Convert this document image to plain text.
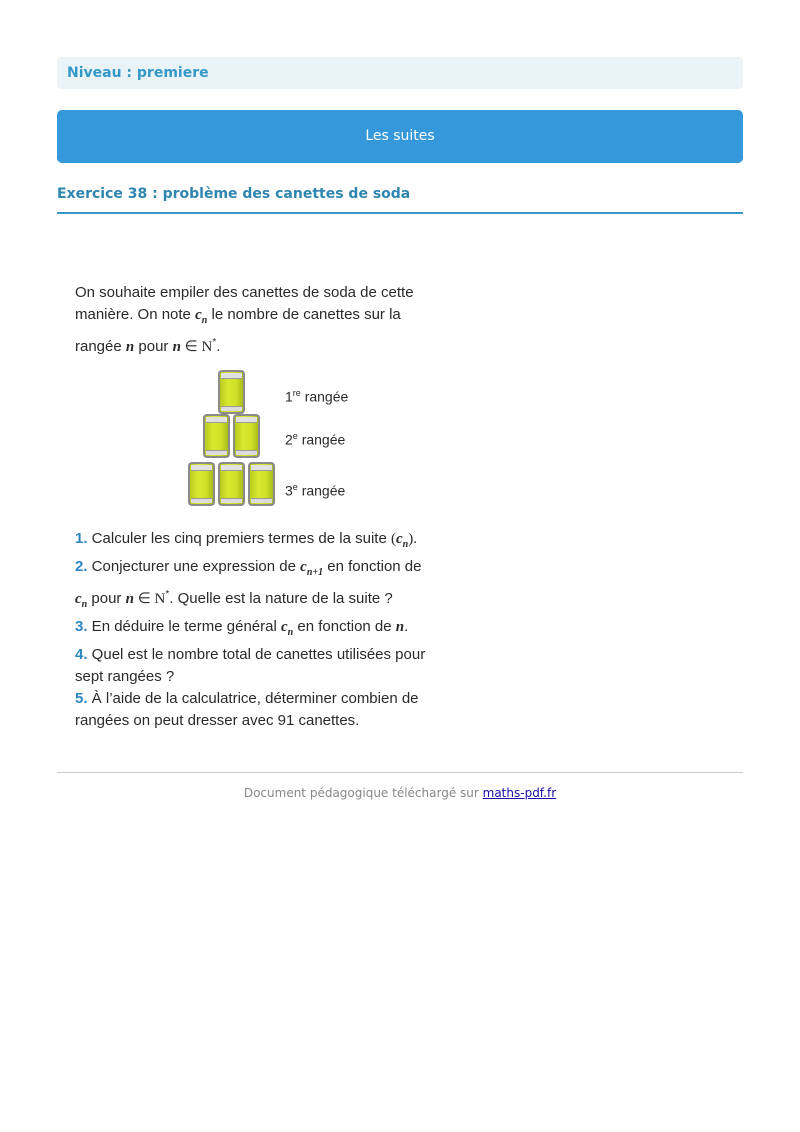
Niveau : premiere
Les suites
Exercice 38 : problème des canettes de soda

On souhaite empiler des canettes de soda de cette
manière. On note $c_n$ le nombre de canettes sur la
rangée n pour n ∈ N*.

1re rangée
2e rangée
3e rangée

1. Calculer les cinq premiers termes de la suite $(c_n)$.

2. Conjecturer une expression de $c_{n+1}$ en fonction de
$c_n$ pour n ∈ N*. Quelle est la nature de la suite ?

3. En déduire le terme général $c_n$ en fonction de n.

4. Quel est le nombre total de canettes utilisées pour sept rangées ?

5. À l’aide de la calculatrice, déterminer combien de rangées on peut dresser avec 91 canettes.

Document pédagogique téléchargé sur maths-pdf.fr
